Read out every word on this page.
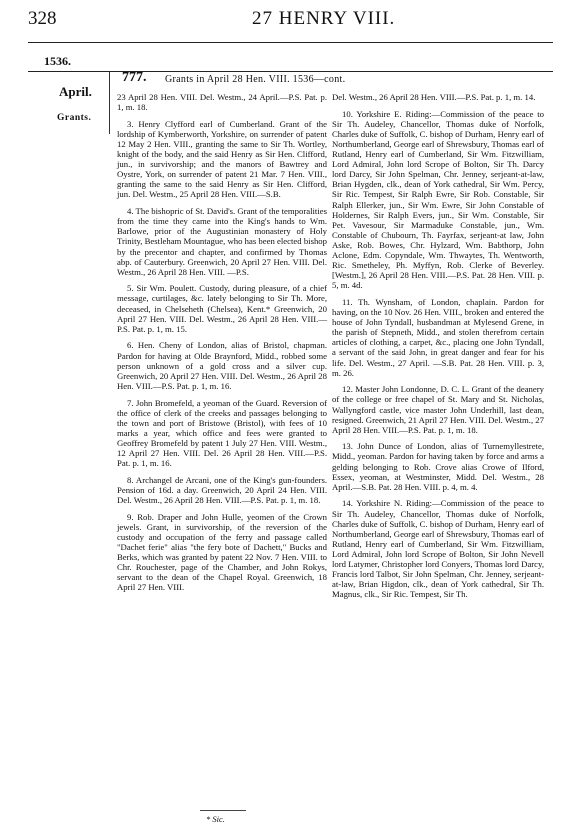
328	27 HENRY VIII.
1536.
April.
Grants.
777. Grants in April 28 Hen. VIII. 1536—cont.

23 April 28 Hen. VIII. Del. Westm., 24 April.—P.S. Pat. p. 1, m. 18.

3. Henry Clyfford earl of Cumberland. Grant of the lordship of Kymberworth, Yorkshire, on surrender of patent 12 May 2 Hen. VIII., granting the same to Sir Th. Wortley, knight of the body, and the said Henry as Sir Hen. Clifford, jun., in survivorship; and the manors of Bawtrey and Oystre, York, on surrender of patent 21 Mar. 7 Hen. VIII., granting the same to the said Henry as Sir Hen. Clifford, jun. Del. Westm., 25 April 28 Hen. VIII.—S.B.

4. The bishopric of St. David's. Grant of the temporalities from the time they came into the King's hands to Wm. Barlowe, prior of the Augustinian monastery of Holy Trinity, Bestleham Mountague, who has been elected bishop by the precentor and chapter, and confirmed by Thomas abp. of Cauterbury. Greenwich, 20 April 27 Hen. VIII. Del. Westm., 26 April 28 Hen. VIII. —P.S.

5. Sir Wm. Poulett. Custody, during pleasure, of a chief message, curtilages, &c. lately belonging to Sir Th. More, deceased, in Chelseheth (Chelsea), Kent.* Greenwich, 20 April 27 Hen. VIII. Del. Westm., 26 April 28 Hen. VIII.—P.S. Pat. p. 1, m. 15.

6. Hen. Cheny of London, alias of Bristol, chapman. Pardon for having at Olde Braynford, Midd., robbed some person unknown of a gold cross and a silver cup. Greenwich, 20 April 27 Hen. VIII. Del. Westm., 26 April 28 Hen. VIII.—P.S. Pat. p. 1, m. 16.

7. John Bromefeld, a yeoman of the Guard. Reversion of the office of clerk of the creeks and passages belonging to the town and port of Bristowe (Bristol), with fees of 10 marks a year, which office and fees were granted to Geoffrey Bromefeld by patent 1 July 27 Hen. VIII. Westm., 12 April 27 Hen. VIII. Del. 26 April 28 Hen. VIII.—P.S. Pat. p. 1, m. 16.

8. Archangel de Arcani, one of the King's gun-founders. Pension of 16d. a day. Greenwich, 20 April 24 Hen. VIII. Del. Westm., 26 April 28 Hen. VIII.—P.S. Pat. p. 1, m. 18.

9. Rob. Draper and John Hulle, yeomen of the Crown jewels. Grant, in survivorship, of the reversion of the custody and occupation of the ferry and passage called "Dachet ferie" alias "the fery bote of Dachett," Bucks and Berks, which was granted by patent 22 Nov. 7 Hen. VIII. to Chr. Rouchester, page of the Chamber, and John Rokys, servant to the dean of the Chapel Royal. Greenwich, 18 April 27 Hen. VIII.

Del. Westm., 26 April 28 Hen. VIII.—P.S. Pat. p. 1, m. 14.

10. Yorkshire E. Riding:—Commission of the peace to Sir Th. Audeley, Chancellor, Thomas duke of Norfolk, Charles duke of Suffolk, C. bishop of Durham, Henry earl of Northumberland, George earl of Shrewsbury, Thomas earl of Rutland, Henry earl of Cumberland, Sir Wm. Fitzwilliam, Lord Admiral, John lord Scrope of Bolton, Sir Th. Darcy lord Darcy, Sir John Spelman, Chr. Jenney, serjeant-at-law, Brian Hygden, clk., dean of York cathedral, Sir Wm. Percy, Sir Ric. Tempest, Sir Ralph Ewre, Sir Rob. Constable, Sir Ralph Ellerker, jun., Sir Wm. Ewre, Sir John Constable of Holdernes, Sir Ralph Evers, jun., Sir Wm. Constable, Sir Pet. Vavesour, Sir Marmaduke Constable, jun., Wm. Constable of Chubourn, Th. Fayrfax, serjeant-at law, John Aske, Rob. Bowes, Chr. Hylzard, Wm. Babthorp, John Aclone, Edm. Copyndale, Wm. Thwaytes, Th. Wentworth, Ric. Smetheley, Ph. Myffyn, Rob. Clerke of Beverley. [Westm.], 26 April 28 Hen. VIII.—P.S. Pat. 28 Hen. VIII. p. 5, m. 4d.

11. Th. Wynsham, of London, chaplain. Pardon for having, on the 10 Nov. 26 Hen. VIII., broken and entered the house of John Tyndall, husbandman at Mylesend Grene, in the parish of Stepneth, Midd., and stolen therefrom certain articles of clothing, a carpet, &c., placing one John Tyndall, a servant of the said John, in great danger and fear for his life. Del. Westm., 27 April. —S.B. Pat. 28 Hen. VIII. p. 3, m. 26.

12. Master John Londonne, D. C. L. Grant of the deanery of the college or free chapel of St. Mary and St. Nicholas, Wallyngford castle, vice master John Underhill, last dean, resigned. Greenwich, 21 April 27 Hen. VIII. Del. Westm., 27 April 28 Hen. VIII.—P.S. Pat. p. 1, m. 18.

13. John Dunce of London, alias of Turnemyllestrete, Midd., yeoman. Pardon for having taken by force and arms a gelding belonging to Rob. Crove alias Crowe of Ilford, Essex, yeoman, at Westminster, Midd. Del. Westm., 28 April.—S.B. Pat. 28 Hen. VIII. p. 4, m. 4.

14. Yorkshire N. Riding:—Commission of the peace to Sir Th. Audeley, Chancellor, Thomas duke of Norfolk, Charles duke of Suffolk, C. bishop of Durham, Henry earl of Northumberland, George earl of Shrewsbury, Thomas earl of Rutland, Henry earl of Cumberland, Sir Wm. Fitzwilliam, Lord Admiral, John lord Scrope of Bolton, Sir John Nevell lord Latymer, Christopher lord Conyers, Thomas lord Darcy, Francis lord Talbot, Sir John Spelman, Chr. Jenney, serjeant-at-law, Brian Higdon, clk., dean of York cathedral, Sir Th. Magnus, clk., Sir Ric. Tempest, Sir Th.

* Sic.
